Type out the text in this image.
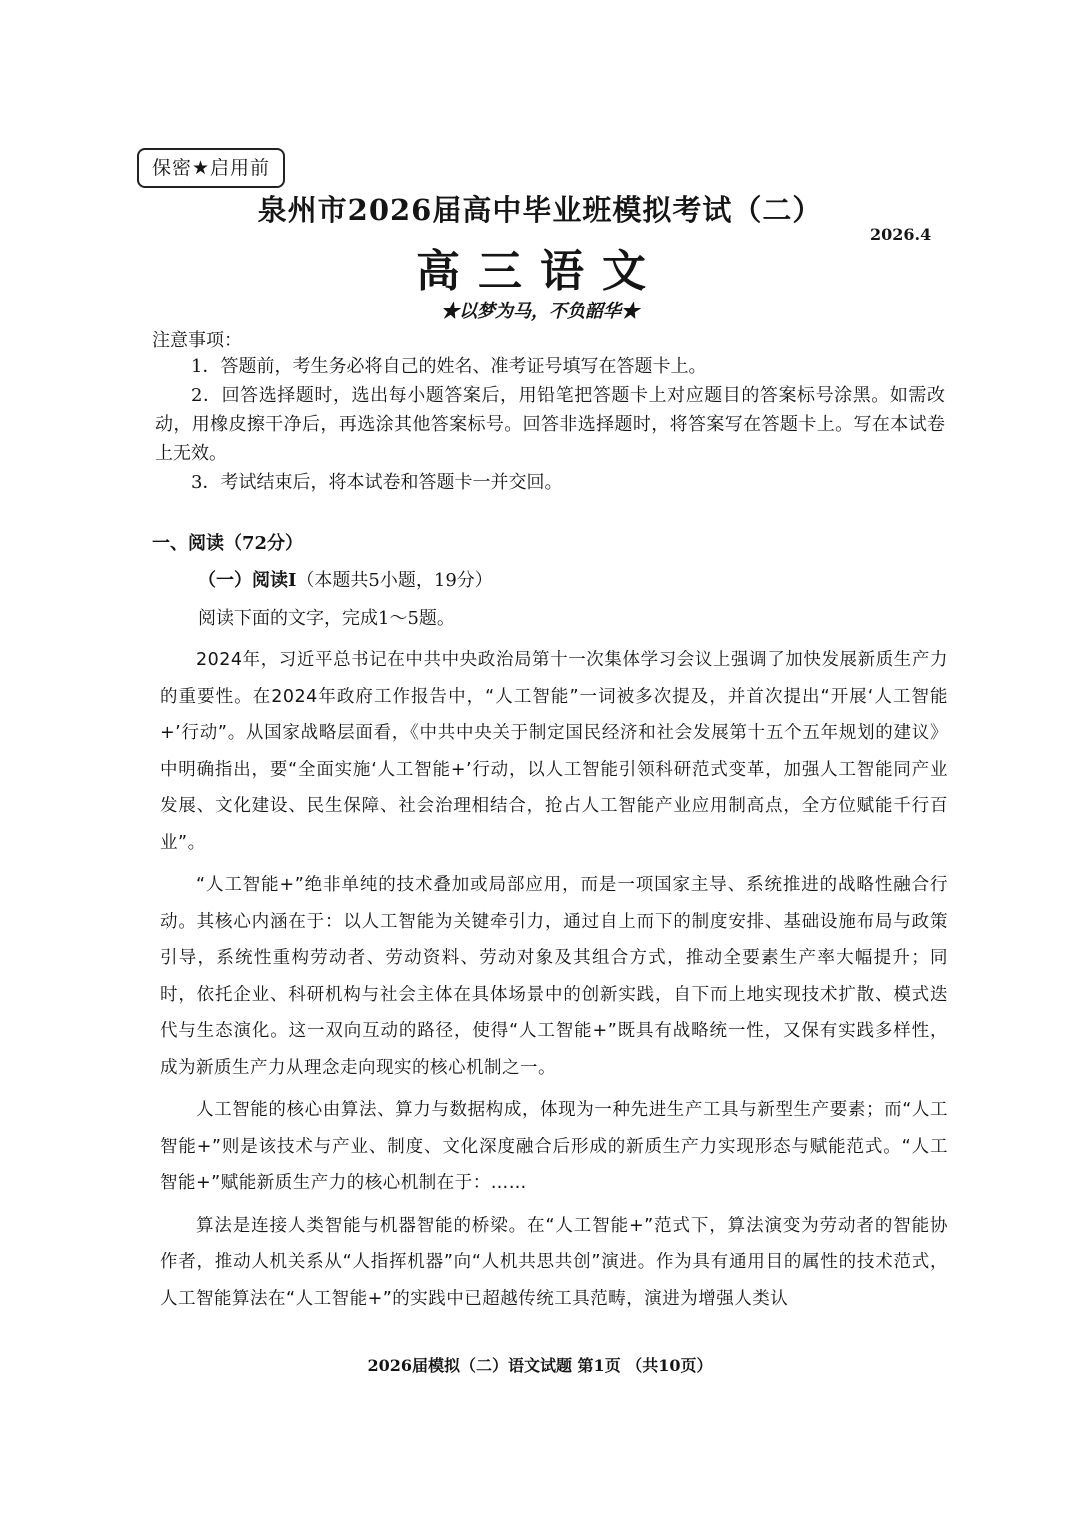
保密★启用前
泉州市2026届高中毕业班模拟考试（二）
2026.4
高三语文
★以梦为马，不负韶华★
注意事项：

1．答题前，考生务必将自己的姓名、准考证号填写在答题卡上。

2．回答选择题时，选出每小题答案后，用铅笔把答题卡上对应题目的答案标号涂黑。如需改动，用橡皮擦干净后，再选涂其他答案标号。回答非选择题时，将答案写在答题卡上。写在本试卷上无效。

3．考试结束后，将本试卷和答题卡一并交回。

一、阅读（72分）
（一）阅读I（本题共5小题，19分）
阅读下面的文字，完成1～5题。

2024年，习近平总书记在中共中央政治局第十一次集体学习会议上强调了加快发展新质生产力的重要性。在2024年政府工作报告中，“人工智能”一词被多次提及，并首次提出“开展‘人工智能+’行动”。从国家战略层面看，《中共中央关于制定国民经济和社会发展第十五个五年规划的建议》中明确指出，要“全面实施‘人工智能+’行动，以人工智能引领科研范式变革，加强人工智能同产业发展、文化建设、民生保障、社会治理相结合，抢占人工智能产业应用制高点，全方位赋能千行百业”。

“人工智能+”绝非单纯的技术叠加或局部应用，而是一项国家主导、系统推进的战略性融合行动。其核心内涵在于：以人工智能为关键牵引力，通过自上而下的制度安排、基础设施布局与政策引导，系统性重构劳动者、劳动资料、劳动对象及其组合方式，推动全要素生产率大幅提升；同时，依托企业、科研机构与社会主体在具体场景中的创新实践，自下而上地实现技术扩散、模式迭代与生态演化。这一双向互动的路径，使得“人工智能+”既具有战略统一性，又保有实践多样性，成为新质生产力从理念走向现实的核心机制之一。

人工智能的核心由算法、算力与数据构成，体现为一种先进生产工具与新型生产要素；而“人工智能+”则是该技术与产业、制度、文化深度融合后形成的新质生产力实现形态与赋能范式。“人工智能+”赋能新质生产力的核心机制在于：……

算法是连接人类智能与机器智能的桥梁。在“人工智能+”范式下，算法演变为劳动者的智能协作者，推动人机关系从“人指挥机器”向“人机共思共创”演进。作为具有通用目的属性的技术范式，人工智能算法在“人工智能+”的实践中已超越传统工具范畴，演进为增强人类认

2026届模拟（二）语文试题 第1页 （共10页）
